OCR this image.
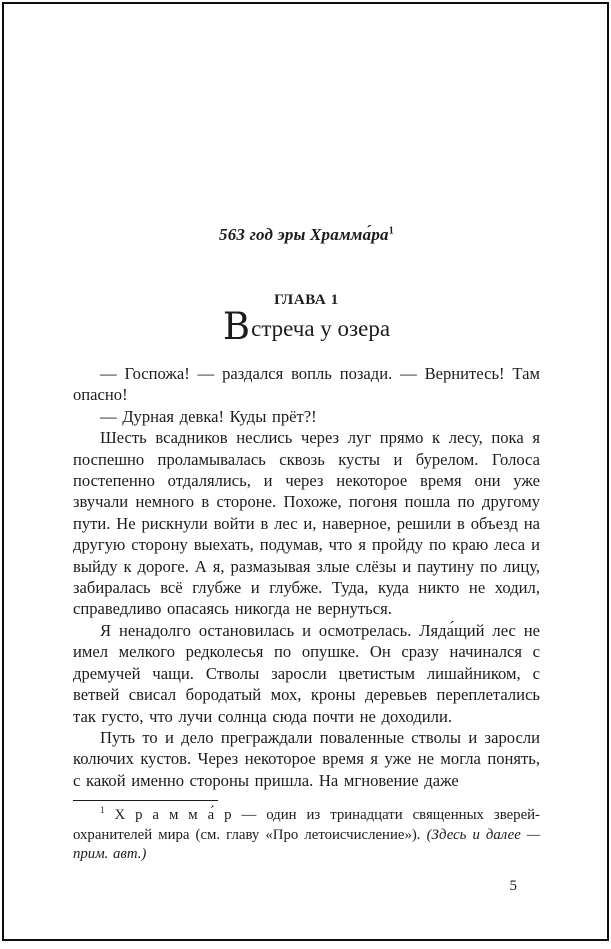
563 год эры $Храмма́ра^1$
ГЛАВА 1
Встреча у озера

— Госпожа! — раздался вопль позади. — Вернитесь! Там опасно!

— Дурная девка! Куды прёт?!

Шесть всадников неслись через луг прямо к лесу, пока я поспешно проламывалась сквозь кусты и бурелом. Голоса постепенно отдалялись, и через некоторое время они уже звучали немного в стороне. Похоже, погоня пошла по другому пути. Не рискнули войти в лес и, наверное, решили в объезд на другую сторону выехать, подумав, что я пройду по краю леса и выйду к дороге. А я, размазывая злые слёзы и паутину по лицу, забиралась всё глубже и глубже. Туда, куда никто не ходил, справедливо опасаясь никогда не вернуться.

Я ненадолго остановилась и осмотрелась. Ляда́щий лес не имел мелкого редколесья по опушке. Он сразу начинался с дремучей чащи. Стволы заросли цветистым лишайником, с ветвей свисал бородатый мох, кроны деревьев переплетались так густо, что лучи солнца сюда почти не доходили.

Путь то и дело преграждали поваленные стволы и заросли колючих кустов. Через некоторое время я уже не могла понять, с какой именно стороны пришла. На мгновение даже

$^1$ Х р а м м а́ р — один из тринадцати священных зверей-охранителей мира (см. главу «Про летоисчисление»). (Здесь и далее — прим. авт.)
5
